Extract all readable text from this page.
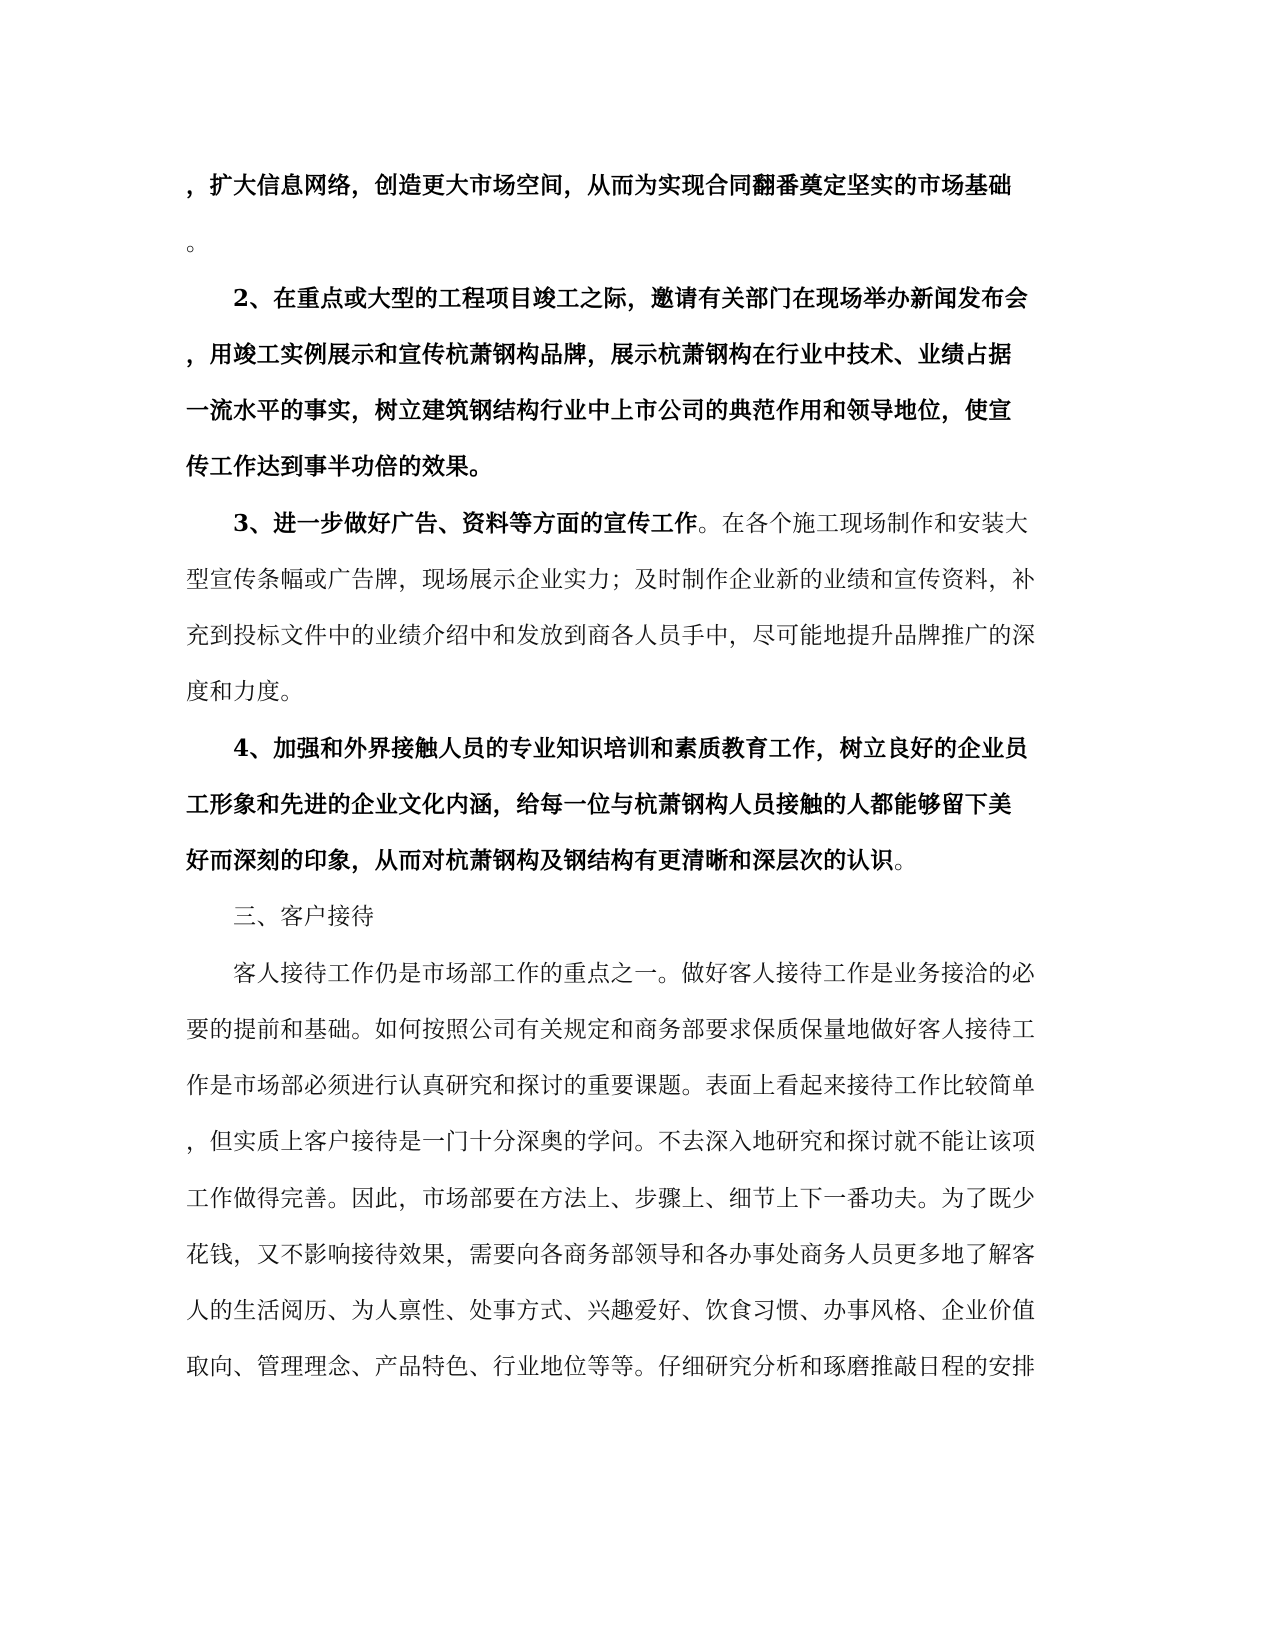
，扩大信息网络，创造更大市场空间，从而为实现合同翻番奠定坚实的市场基础
。
2、在重点或大型的工程项目竣工之际，邀请有关部门在现场举办新闻发布会
，用竣工实例展示和宣传杭萧钢构品牌，展示杭萧钢构在行业中技术、业绩占据
一流水平的事实，树立建筑钢结构行业中上市公司的典范作用和领导地位，使宣
传工作达到事半功倍的效果。
3、进一步做好广告、资料等方面的宣传工作。在各个施工现场制作和安装大
型宣传条幅或广告牌，现场展示企业实力；及时制作企业新的业绩和宣传资料，补
充到投标文件中的业绩介绍中和发放到商各人员手中，尽可能地提升品牌推广的深
度和力度。
4、加强和外界接触人员的专业知识培训和素质教育工作，树立良好的企业员
工形象和先进的企业文化内涵，给每一位与杭萧钢构人员接触的人都能够留下美
好而深刻的印象，从而对杭萧钢构及钢结构有更清晰和深层次的认识。
三、客户接待
客人接待工作仍是市场部工作的重点之一。做好客人接待工作是业务接洽的必
要的提前和基础。如何按照公司有关规定和商务部要求保质保量地做好客人接待工
作是市场部必须进行认真研究和探讨的重要课题。表面上看起来接待工作比较简单
，但实质上客户接待是一门十分深奥的学问。不去深入地研究和探讨就不能让该项
工作做得完善。因此，市场部要在方法上、步骤上、细节上下一番功夫。为了既少
花钱，又不影响接待效果，需要向各商务部领导和各办事处商务人员更多地了解客
人的生活阅历、为人禀性、处事方式、兴趣爱好、饮食习惯、办事风格、企业价值
取向、管理理念、产品特色、行业地位等等。仔细研究分析和琢磨推敲日程的安排
